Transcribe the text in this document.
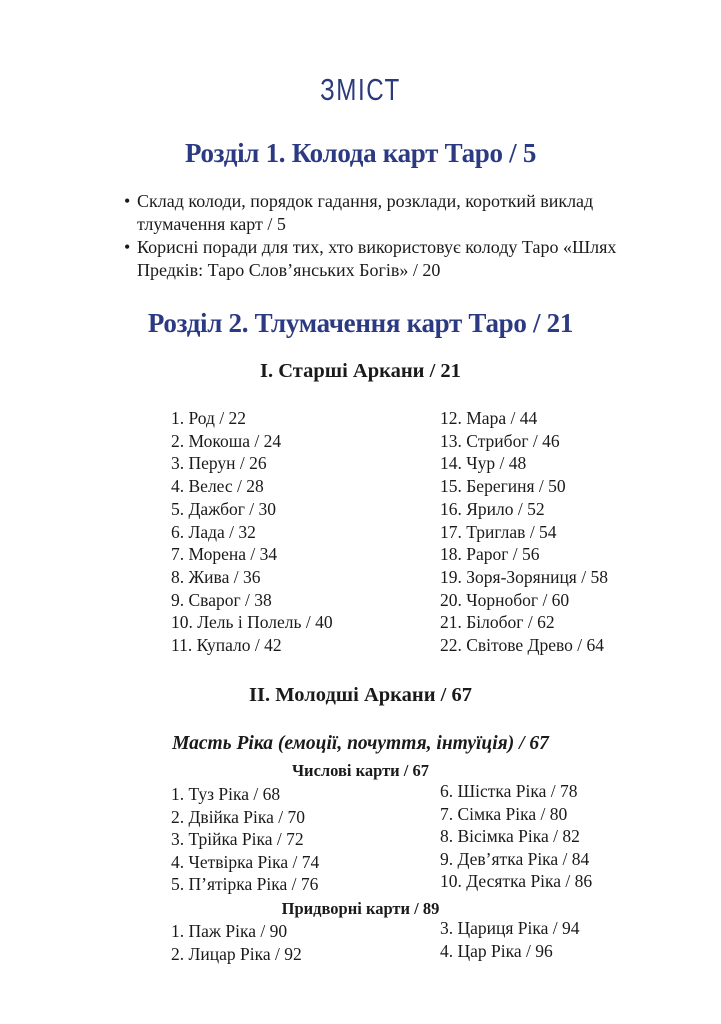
ЗМІСТ
Розділ 1. Колода карт Таро / 5
• Склад колоди, порядок гадання, розклади, короткий виклад
тлумачення карт / 5
• Корисні поради для тих, хто використовує колоду Таро «Шлях
Предків: Таро Слов’янських Богів» / 20
Розділ 2. Тлумачення карт Таро / 21
I. Старші Аркани / 21
1. Род / 22
2. Мокоша / 24
3. Перун / 26
4. Велес / 28
5. Дажбог / 30
6. Лада / 32
7. Морена / 34
8. Жива / 36
9. Сварог / 38
10. Лель і Полель / 40
11. Купало / 42
12. Мара / 44
13. Стрибог / 46
14. Чур / 48
15. Берегиня / 50
16. Ярило / 52
17. Триглав / 54
18. Рарог / 56
19. Зоря-Зоряниця / 58
20. Чорнобог / 60
21. Білобог / 62
22. Світове Древо / 64
II. Молодші Аркани / 67
Масть Ріка (емоції, почуття, інтуїція) / 67
Числові карти / 67
1. Туз Ріка / 68
2. Двійка Ріка / 70
3. Трійка Ріка / 72
4. Четвірка Ріка / 74
5. П’ятірка Ріка / 76
6. Шістка Ріка / 78
7. Сімка Ріка / 80
8. Вісімка Ріка / 82
9. Дев’ятка Ріка / 84
10. Десятка Ріка / 86
Придворні карти / 89
1. Паж Ріка / 90
2. Лицар Ріка / 92
3. Цариця Ріка / 94
4. Цар Ріка / 96
